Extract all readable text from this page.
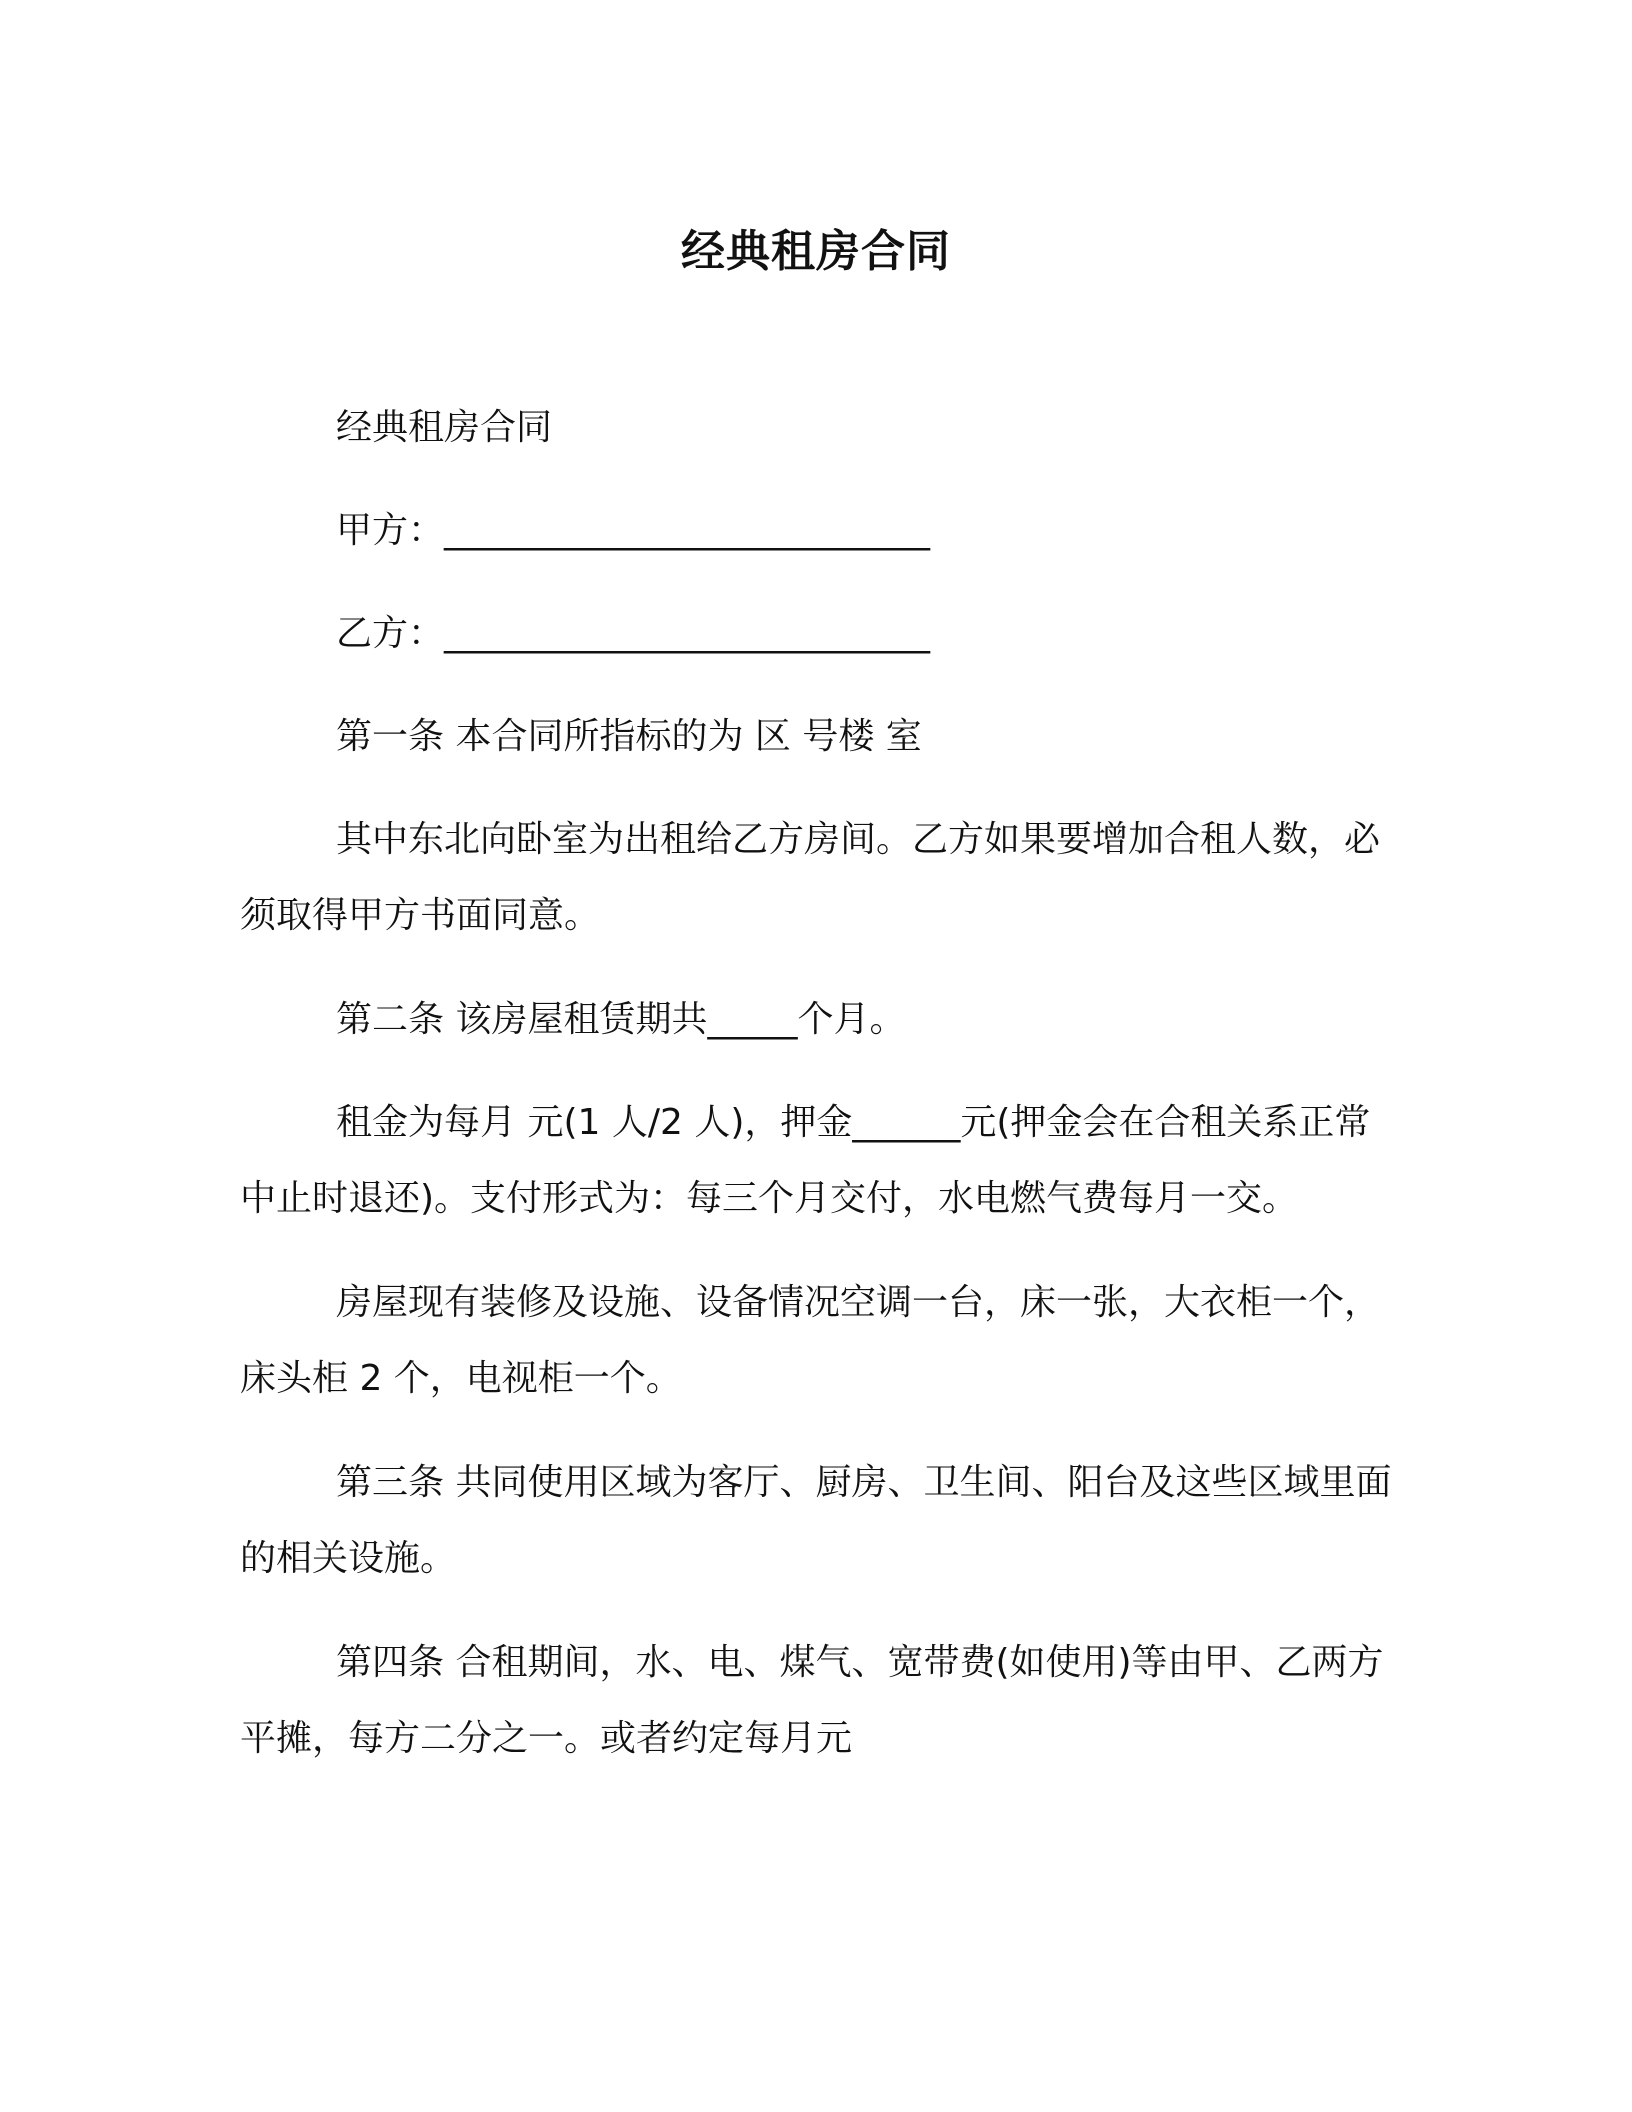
经典租房合同

经典租房合同

甲方：___________________________

乙方：___________________________

第一条 本合同所指标的为 区 号楼 室

其中东北向卧室为出租给乙方房间。乙方如果要增加合租人数，必须取得甲方书面同意。

第二条 该房屋租赁期共_____个月。

租金为每月 元(1 人/2 人)，押金______元(押金会在合租关系正常中止时退还)。支付形式为：每三个月交付，水电燃气费每月一交。

房屋现有装修及设施、设备情况空调一台，床一张，大衣柜一个，床头柜 2 个，电视柜一个。

第三条 共同使用区域为客厅、厨房、卫生间、阳台及这些区域里面的相关设施。

第四条 合租期间，水、电、煤气、宽带费(如使用)等由甲、乙两方平摊，每方二分之一。或者约定每月元
